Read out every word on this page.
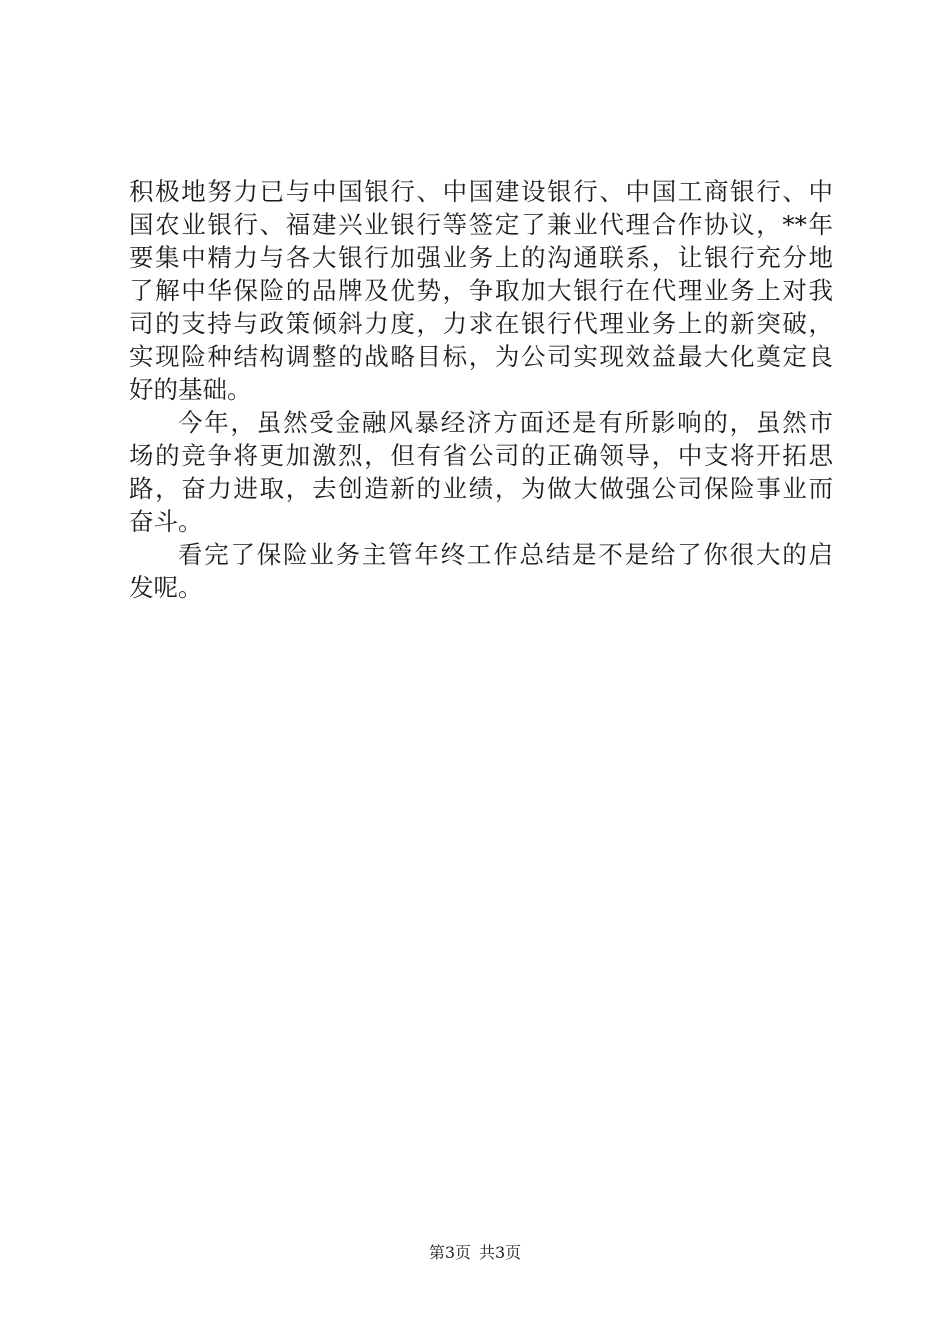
积极地努力已与中国银行、中国建设银行、中国工商银行、中
国农业银行、福建兴业银行等签定了兼业代理合作协议，**年
要集中精力与各大银行加强业务上的沟通联系，让银行充分地
了解中华保险的品牌及优势，争取加大银行在代理业务上对我
司的支持与政策倾斜力度，力求在银行代理业务上的新突破，
实现险种结构调整的战略目标，为公司实现效益最大化奠定良
好的基础。
今年，虽然受金融风暴经济方面还是有所影响的，虽然市
场的竞争将更加激烈，但有省公司的正确领导，中支将开拓思
路，奋力进取，去创造新的业绩，为做大做强公司保险事业而
奋斗。
看完了保险业务主管年终工作总结是不是给了你很大的启
发呢。
第3页 共3页
